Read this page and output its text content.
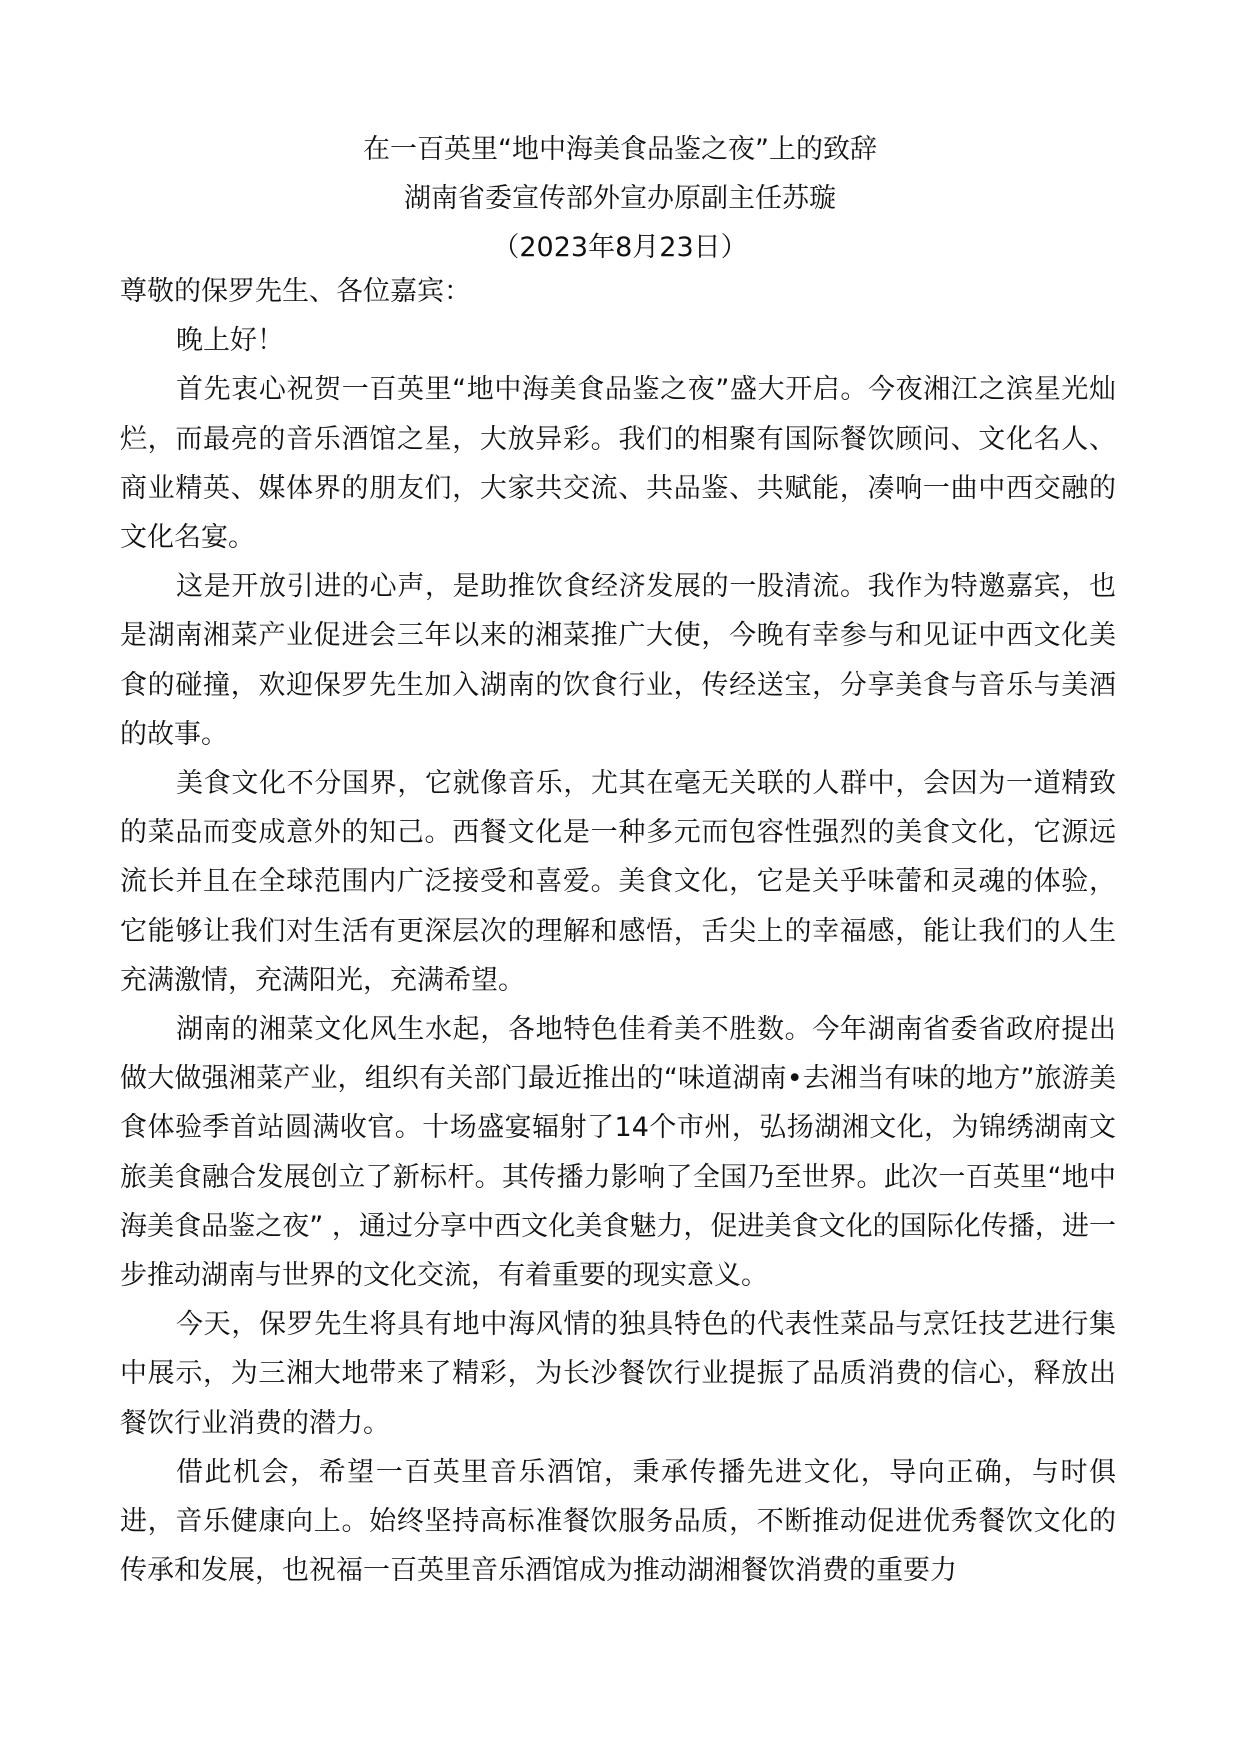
在一百英里“地中海美食品鉴之夜”上的致辞
湖南省委宣传部外宣办原副主任苏璇
（2023年8月23日）

尊敬的保罗先生、各位嘉宾：

晚上好！

首先衷心祝贺一百英里“地中海美食品鉴之夜”盛大开启。今夜湘江之滨星光灿烂，而最亮的音乐酒馆之星，大放异彩。我们的相聚有国际餐饮顾问、文化名人、商业精英、媒体界的朋友们，大家共交流、共品鉴、共赋能，凑响一曲中西交融的文化名宴。

这是开放引进的心声，是助推饮食经济发展的一股清流。我作为特邀嘉宾，也是湖南湘菜产业促进会三年以来的湘菜推广大使，今晚有幸参与和见证中西文化美食的碰撞，欢迎保罗先生加入湖南的饮食行业，传经送宝，分享美食与音乐与美酒的故事。

美食文化不分国界，它就像音乐，尤其在毫无关联的人群中，会因为一道精致的菜品而变成意外的知己。西餐文化是一种多元而包容性强烈的美食文化，它源远流长并且在全球范围内广泛接受和喜爱。美食文化，它是关乎味蕾和灵魂的体验，它能够让我们对生活有更深层次的理解和感悟，舌尖上的幸福感，能让我们的人生充满激情，充满阳光，充满希望。

湖南的湘菜文化风生水起，各地特色佳肴美不胜数。今年湖南省委省政府提出做大做强湘菜产业，组织有关部门最近推出的“味道湖南•去湘当有味的地方”旅游美食体验季首站圆满收官。十场盛宴辐射了14个市州，弘扬湖湘文化，为锦绣湖南文旅美食融合发展创立了新标杆。其传播力影响了全国乃至世界。此次一百英里“地中海美食品鉴之夜” ，通过分享中西文化美食魅力，促进美食文化的国际化传播，进一步推动湖南与世界的文化交流，有着重要的现实意义。

今天，保罗先生将具有地中海风情的独具特色的代表性菜品与烹饪技艺进行集中展示，为三湘大地带来了精彩，为长沙餐饮行业提振了品质消费的信心，释放出餐饮行业消费的潜力。

借此机会，希望一百英里音乐酒馆，秉承传播先进文化，导向正确，与时俱进，音乐健康向上。始终坚持高标准餐饮服务品质，不断推动促进优秀餐饮文化的传承和发展，也祝福一百英里音乐酒馆成为推动湖湘餐饮消费的重要力
